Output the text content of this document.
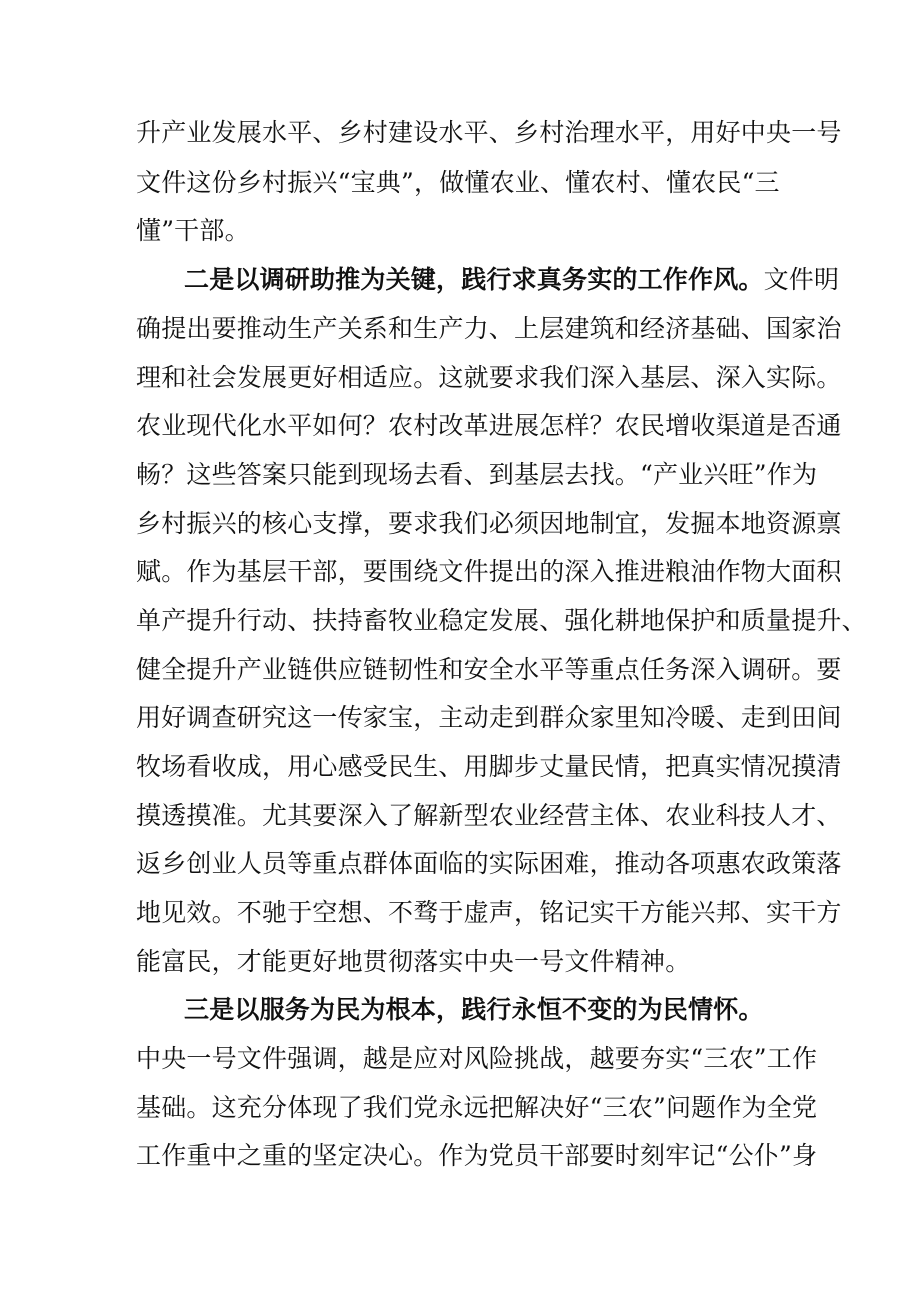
升产业发展水平、乡村建设水平、乡村治理水平，用好中央一号
文件这份乡村振兴“宝典”，做懂农业、懂农村、懂农民“三
懂”干部。
二是以调研助推为关键，践行求真务实的工作作风。文件明
确提出要推动生产关系和生产力、上层建筑和经济基础、国家治
理和社会发展更好相适应。这就要求我们深入基层、深入实际。
农业现代化水平如何？农村改革进展怎样？农民增收渠道是否通
畅？这些答案只能到现场去看、到基层去找。“产业兴旺”作为
乡村振兴的核心支撑，要求我们必须因地制宜，发掘本地资源禀
赋。作为基层干部，要围绕文件提出的深入推进粮油作物大面积
单产提升行动、扶持畜牧业稳定发展、强化耕地保护和质量提升、
健全提升产业链供应链韧性和安全水平等重点任务深入调研。要
用好调查研究这一传家宝，主动走到群众家里知冷暖、走到田间
牧场看收成，用心感受民生、用脚步丈量民情，把真实情况摸清
摸透摸准。尤其要深入了解新型农业经营主体、农业科技人才、
返乡创业人员等重点群体面临的实际困难，推动各项惠农政策落
地见效。不驰于空想、不骛于虚声，铭记实干方能兴邦、实干方
能富民，才能更好地贯彻落实中央一号文件精神。
三是以服务为民为根本，践行永恒不变的为民情怀。
中央一号文件强调，越是应对风险挑战，越要夯实“三农”工作
基础。这充分体现了我们党永远把解决好“三农”问题作为全党
工作重中之重的坚定决心。作为党员干部要时刻牢记“公仆”身
